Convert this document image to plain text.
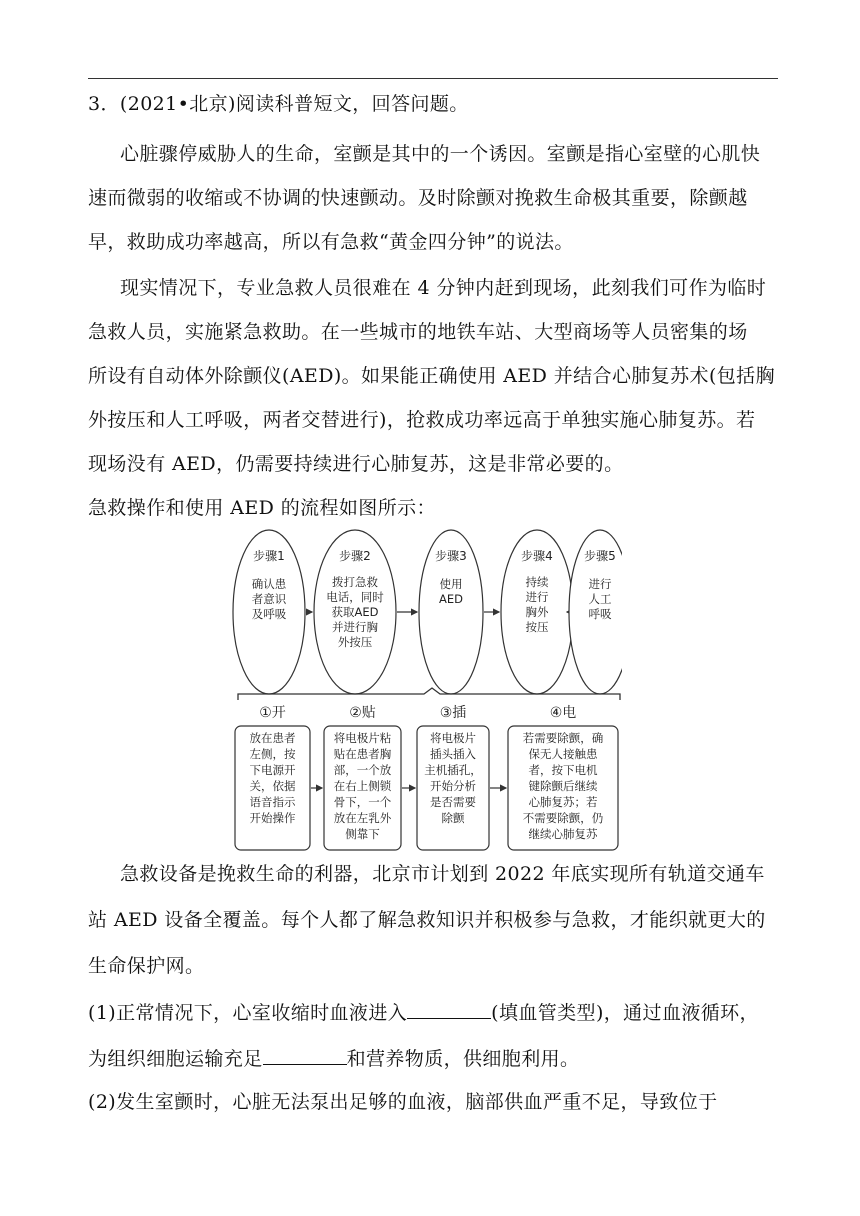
3．(2021•北京)阅读科普短文，回答问题。
心脏骤停威胁人的生命，室颤是其中的一个诱因。室颤是指心室壁的心肌快
速而微弱的收缩或不协调的快速颤动。及时除颤对挽救生命极其重要，除颤越
早，救助成功率越高，所以有急救“黄金四分钟”的说法。
现实情况下，专业急救人员很难在 4 分钟内赶到现场，此刻我们可作为临时
急救人员，实施紧急救助。在一些城市的地铁车站、大型商场等人员密集的场
所设有自动体外除颤仪(AED)。如果能正确使用 AED 并结合心肺复苏术(包括胸
外按压和人工呼吸，两者交替进行)，抢救成功率远高于单独实施心肺复苏。若
现场没有 AED，仍需要持续进行心肺复苏，这是非常必要的。
急救操作和使用 AED 的流程如图所示：
步骤1
确认患
者意识
及呼吸
步骤2
拨打急救
电话，同时
获取AED
并进行胸
外按压
步骤3
使用
AED
步骤4
持续
进行
胸外
按压
步骤5
进行
人工
呼吸
①开
放在患者
左侧，按
下电源开
关，依据
语音指示
开始操作
②贴
将电极片粘
贴在患者胸
部，一个放
在右上侧锁
骨下，一个
放在左乳外
侧靠下
③插
将电极片
插头插入
主机插孔，
开始分析
是否需要
除颤
④电
若需要除颤，确
保无人接触患
者，按下电机
键除颤后继续
心肺复苏；若
不需要除颤，仍
继续心肺复苏
急救设备是挽救生命的利器，北京市计划到 2022 年底实现所有轨道交通车
站 AED 设备全覆盖。每个人都了解急救知识并积极参与急救，才能织就更大的
生命保护网。
(1)正常情况下，心室收缩时血液进入	(填血管类型)，通过血液循环，
为组织细胞运输充足	和营养物质，供细胞利用。
(2)发生室颤时，心脏无法泵出足够的血液，脑部供血严重不足，导致位于
